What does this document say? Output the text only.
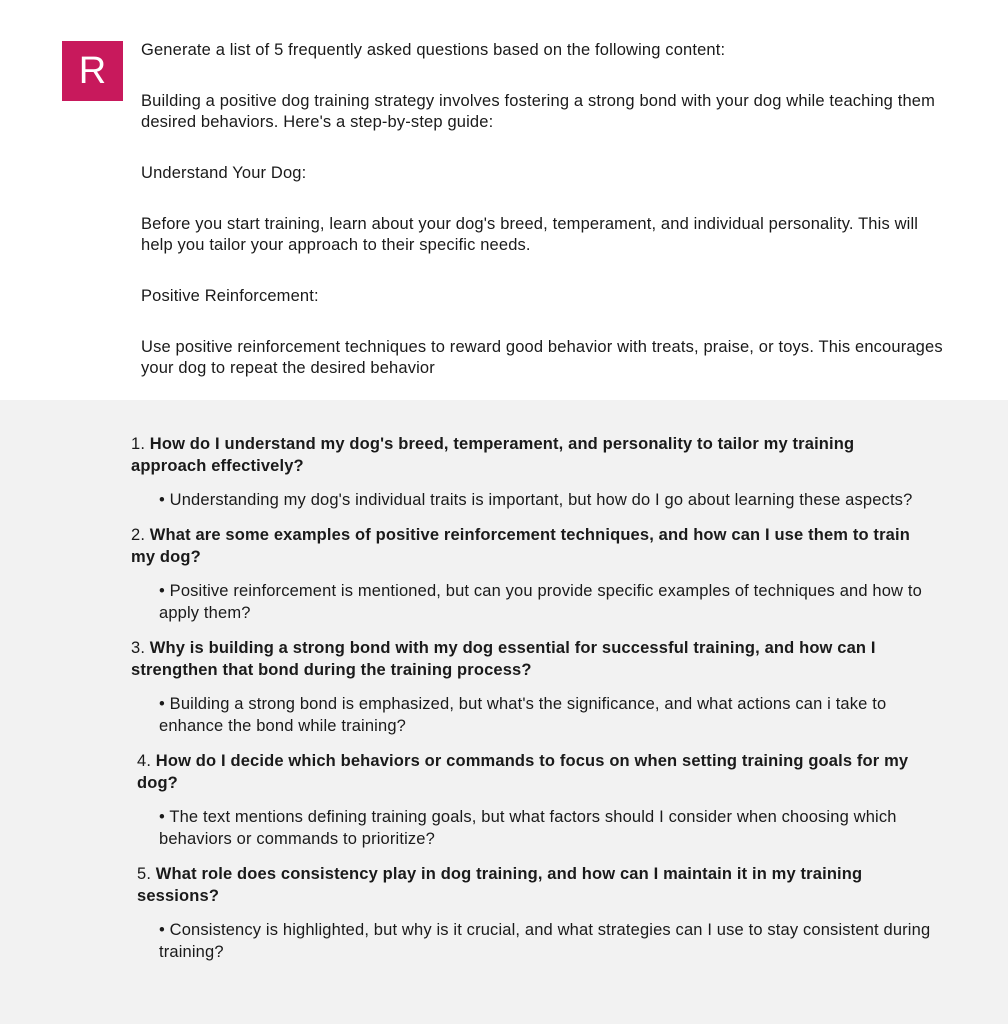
R	Generate a list of 5 frequently asked questions based on the following content:

Building a positive dog training strategy involves fostering a strong bond with your dog while teaching them desired behaviors. Here's a step-by-step guide:

Understand Your Dog:

Before you start training, learn about your dog's breed, temperament, and individual personality. This will help you tailor your approach to their specific needs.

Positive Reinforcement:

Use positive reinforcement techniques to reward good behavior with treats, praise, or toys. This encourages your dog to repeat the desired behavior

1. How do I understand my dog's breed, temperament, and personality to tailor my training approach effectively?

• Understanding my dog's individual traits is important, but how do I go about learning these aspects?

2. What are some examples of positive reinforcement techniques, and how can I use them to train my dog?

• Positive reinforcement is mentioned, but can you provide specific examples of techniques and how to apply them?

3. Why is building a strong bond with my dog essential for successful training, and how can I strengthen that bond during the training process?

• Building a strong bond is emphasized, but what's the significance, and what actions can i take to enhance the bond while training?

4. How do I decide which behaviors or commands to focus on when setting training goals for my dog?

• The text mentions defining training goals, but what factors should I consider when choosing which behaviors or commands to prioritize?

5. What role does consistency play in dog training, and how can I maintain it in my training sessions?

• Consistency is highlighted, but why is it crucial, and what strategies can I use to stay consistent during training?
